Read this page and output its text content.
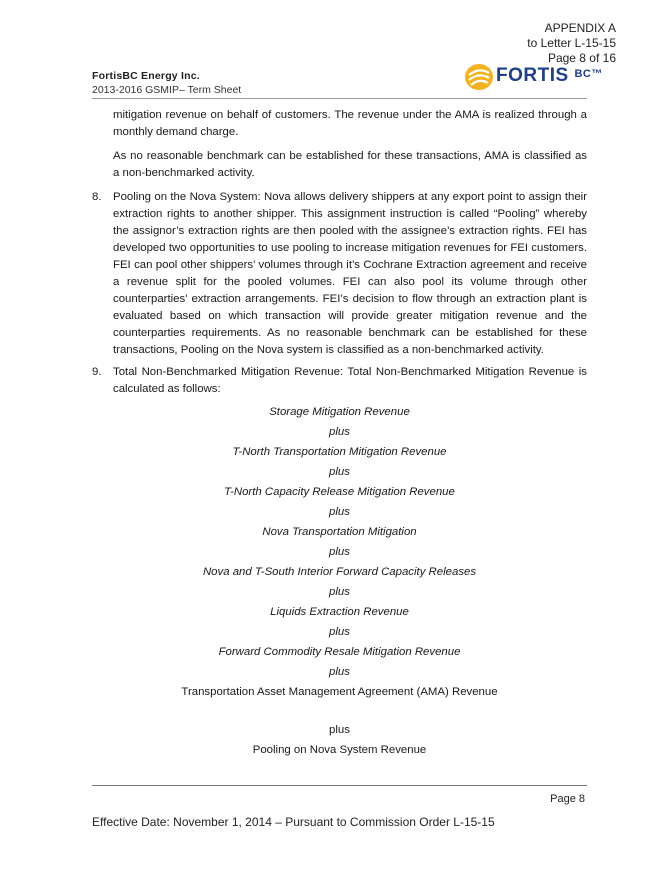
APPENDIX A
to Letter L-15-15
Page 8 of 16
FortisBC Energy Inc.
2013-2016 GSMIP– Term Sheet
FORTIS $^{BC™}$

mitigation revenue on behalf of customers. The revenue under the AMA is realized through a monthly demand charge.

As no reasonable benchmark can be established for these transactions, AMA is classified as a non-benchmarked activity.

8.	Pooling on the Nova System: Nova allows delivery shippers at any export point to assign their extraction rights to another shipper. This assignment instruction is called “Pooling” whereby the assignor’s extraction rights are then pooled with the assignee’s extraction rights. FEI has developed two opportunities to use pooling to increase mitigation revenues for FEI customers. FEI can pool other shippers’ volumes through it’s Cochrane Extraction agreement and receive a revenue split for the pooled volumes. FEI can also pool its volume through other counterparties’ extraction arrangements. FEI’s decision to flow through an extraction plant is evaluated based on which transaction will provide greater mitigation revenue and the counterparties requirements. As no reasonable benchmark can be established for these transactions, Pooling on the Nova system is classified as a non-benchmarked activity.
9.	Total Non-Benchmarked Mitigation Revenue: Total Non-Benchmarked Mitigation Revenue is calculated as follows:
Storage Mitigation Revenue
plus
T-North Transportation Mitigation Revenue
plus
T-North Capacity Release Mitigation Revenue
plus
Nova Transportation Mitigation
plus
Nova and T-South Interior Forward Capacity Releases
plus
Liquids Extraction Revenue
plus
Forward Commodity Resale Mitigation Revenue
plus
Transportation Asset Management Agreement (AMA) Revenue
plus
Pooling on Nova System Revenue
Page 8
Effective Date: November 1, 2014 – Pursuant to Commission Order L-15-15
